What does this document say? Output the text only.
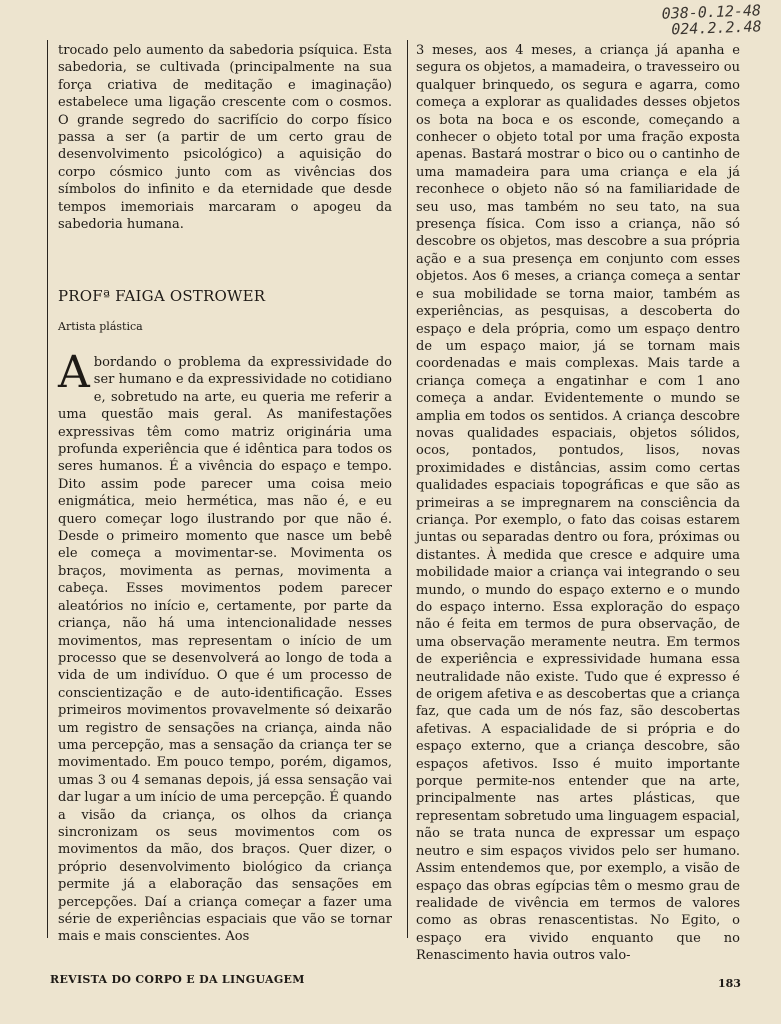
038-0.12-48
024.2.2.48

trocado pelo aumento da sabedoria psíquica. Esta sabedoria, se cultivada (principalmente na sua força criativa de meditação e imaginação) estabelece uma ligação crescente com o cosmos. O grande segredo do sacrifício do corpo físico passa a ser (a partir de um certo grau de desenvolvimento psicológico) a aquisição do corpo cósmico junto com as vivências dos símbolos do infinito e da eternidade que desde tempos imemoriais marcaram o apogeu da sabedoria humana.

PROFª FAIGA OSTROWER
Artista plástica
A bordando o problema da expressividade do ser humano e da expressividade no cotidiano e, sobretudo na arte, eu queria me referir a uma questão mais geral. As manifestações expressivas têm como matriz originária uma profunda experiência que é idêntica para todos os seres humanos. É a vivência do espaço e tempo. Dito assim pode parecer uma coisa meio enigmática, meio hermética, mas não é, e eu quero começar logo ilustrando por que não é. Desde o primeiro momento que nasce um bebê ele começa a movimentar-se. Movimenta os braços, movimenta as pernas, movimenta a cabeça. Esses movimentos podem parecer aleatórios no início e, certamente, por parte da criança, não há uma intencionalidade nesses movimentos, mas representam o início de um processo que se desenvolverá ao longo de toda a vida de um indivíduo. O que é um processo de conscientização e de auto-identificação. Esses primeiros movimentos provavelmente só deixarão um registro de sensações na criança, ainda não uma percepção, mas a sensação da criança ter se movimentado. Em pouco tempo, porém, digamos, umas 3 ou 4 semanas depois, já essa sensação vai dar lugar a um início de uma percepção. É quando a visão da criança, os olhos da criança sincronizam os seus movimentos com os movimentos da mão, dos braços. Quer dizer, o próprio desenvolvimento biológico da criança permite já a elaboração das sensações em percepções. Daí a criança começar a fazer uma série de experiências espaciais que vão se tornar mais e mais conscientes. Aos

3 meses, aos 4 meses, a criança já apanha e segura os objetos, a mamadeira, o travesseiro ou qualquer brinquedo, os segura e agarra, como começa a explorar as qualidades desses objetos os bota na boca e os esconde, começando a conhecer o objeto total por uma fração exposta apenas. Bastará mostrar o bico ou o cantinho de uma mamadeira para uma criança e ela já reconhece o objeto não só na familiaridade de seu uso, mas também no seu tato, na sua presença física. Com isso a criança, não só descobre os objetos, mas descobre a sua própria ação e a sua presença em conjunto com esses objetos. Aos 6 meses, a criança começa a sentar e sua mobilidade se torna maior, também as experiências, as pesquisas, a descoberta do espaço e dela própria, como um espaço dentro de um espaço maior, já se tornam mais coordenadas e mais complexas. Mais tarde a criança começa a engatinhar e com 1 ano começa a andar. Evidentemente o mundo se amplia em todos os sentidos. A criança descobre novas qualidades espaciais, objetos sólidos, ocos, pontados, pontudos, lisos, novas proximidades e distâncias, assim como certas qualidades espaciais topográficas e que são as primeiras a se impregnarem na consciência da criança. Por exemplo, o fato das coisas estarem juntas ou separadas dentro ou fora, próximas ou distantes. À medida que cresce e adquire uma mobilidade maior a criança vai integrando o seu mundo, o mundo do espaço externo e o mundo do espaço interno. Essa exploração do espaço não é feita em termos de pura observação, de uma observação meramente neutra. Em termos de experiência e expressividade humana essa neutralidade não existe. Tudo que é expresso é de origem afetiva e as descobertas que a criança faz, que cada um de nós faz, são descobertas afetivas. A espacialidade de si própria e do espaço externo, que a criança descobre, são espaços afetivos. Isso é muito importante porque permite-nos entender que na arte, principalmente nas artes plásticas, que representam sobretudo uma linguagem espacial, não se trata nunca de expressar um espaço neutro e sim espaços vividos pelo ser humano. Assim entendemos que, por exemplo, a visão de espaço das obras egípcias têm o mesmo grau de realidade de vivência em termos de valores como as obras renascentistas. No Egito, o espaço era vivido enquanto que no Renascimento havia outros valo-

REVISTA DO CORPO E DA LINGUAGEM	183
